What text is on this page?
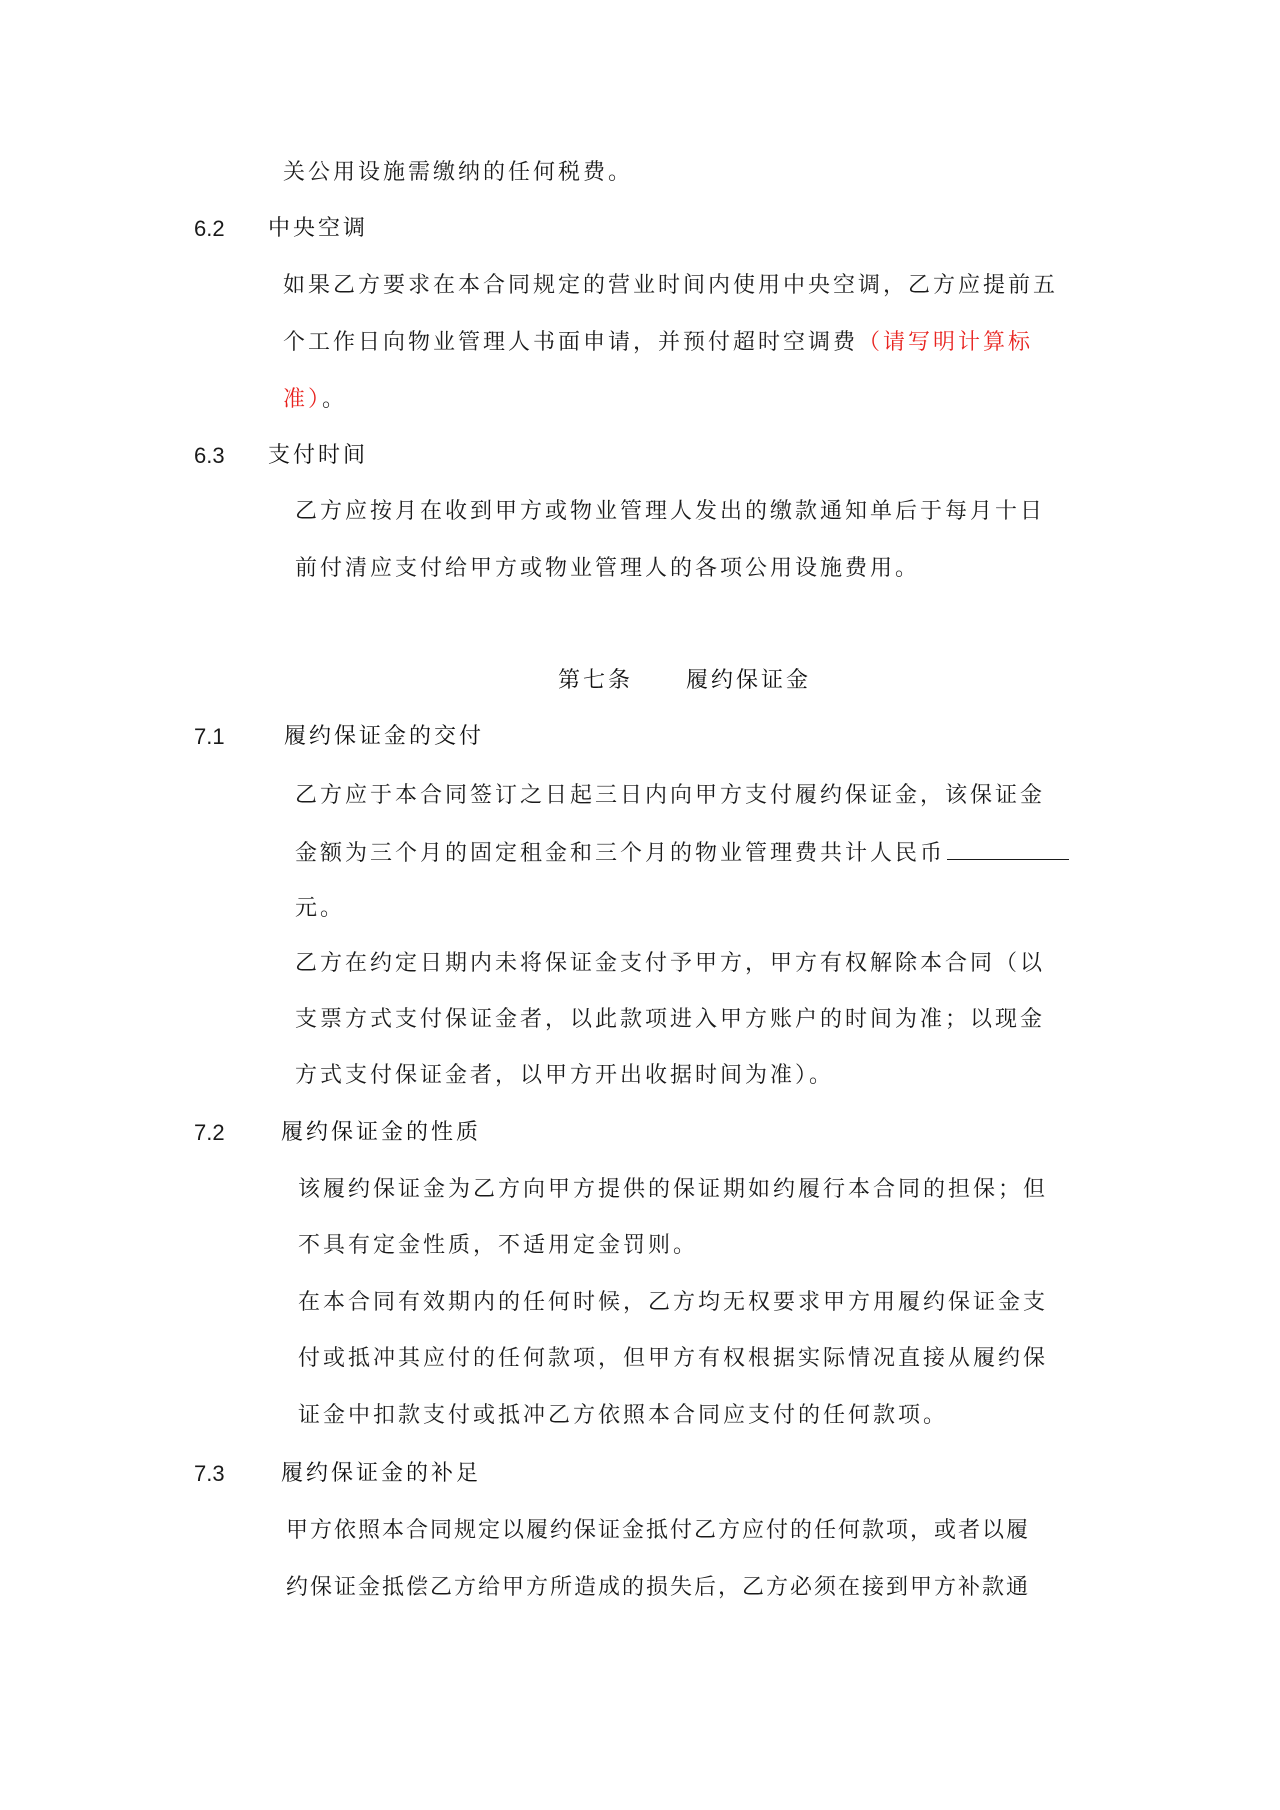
关公用设施需缴纳的任何税费。
6.2 中央空调
如果乙方要求在本合同规定的营业时间内使用中央空调，乙方应提前五
个工作日向物业管理人书面申请，并预付超时空调费（请写明计算标
准）。
6.3 支付时间
乙方应按月在收到甲方或物业管理人发出的缴款通知单后于每月十日
前付清应支付给甲方或物业管理人的各项公用设施费用。
第七条 履约保证金
7.1	履约保证金的交付
乙方应于本合同签订之日起三日内向甲方支付履约保证金，该保证金
金额为三个月的固定租金和三个月的物业管理费共计人民币
元。
乙方在约定日期内未将保证金支付予甲方，甲方有权解除本合同（以
支票方式支付保证金者，以此款项进入甲方账户的时间为准；以现金
方式支付保证金者，以甲方开出收据时间为准）。
7.2	履约保证金的性质
该履约保证金为乙方向甲方提供的保证期如约履行本合同的担保；但
不具有定金性质，不适用定金罚则。
在本合同有效期内的任何时候，乙方均无权要求甲方用履约保证金支
付或抵冲其应付的任何款项，但甲方有权根据实际情况直接从履约保
证金中扣款支付或抵冲乙方依照本合同应支付的任何款项。
7.3	履约保证金的补足
甲方依照本合同规定以履约保证金抵付乙方应付的任何款项，或者以履
约保证金抵偿乙方给甲方所造成的损失后，乙方必须在接到甲方补款通
